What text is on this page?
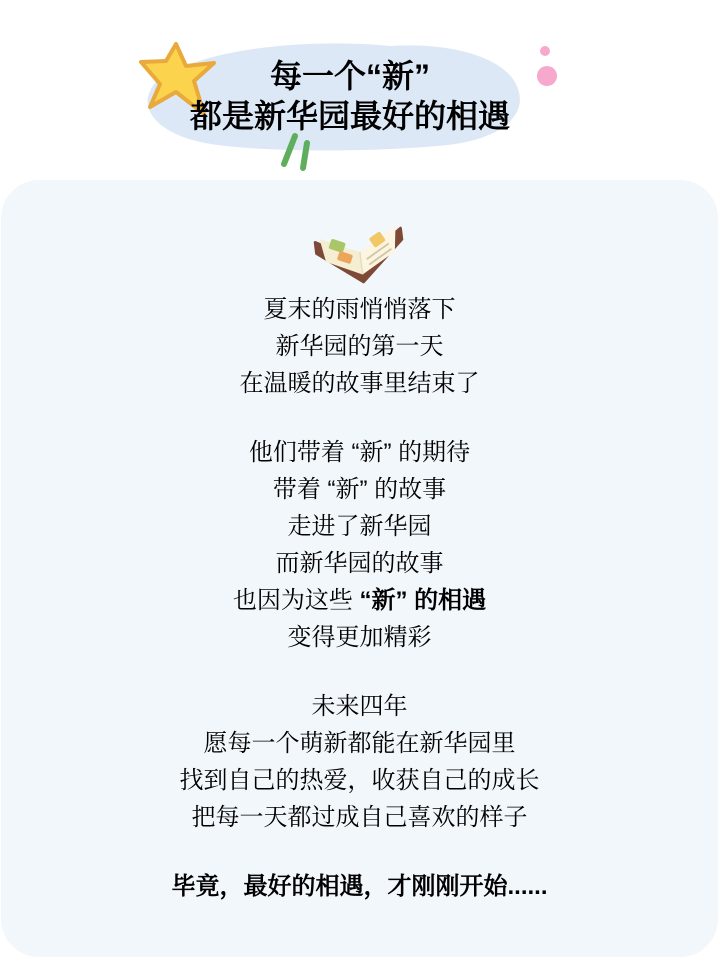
每一个“新”
都是新华园最好的相遇
夏末的雨悄悄落下
新华园的第一天
在温暖的故事里结束了
他们带着 “新” 的期待
带着 “新” 的故事
走进了新华园
而新华园的故事
也因为这些 “新” 的相遇
变得更加精彩
未来四年
愿每一个萌新都能在新华园里
找到自己的热爱，收获自己的成长
把每一天都过成自己喜欢的样子
毕竟，最好的相遇，才刚刚开始......
